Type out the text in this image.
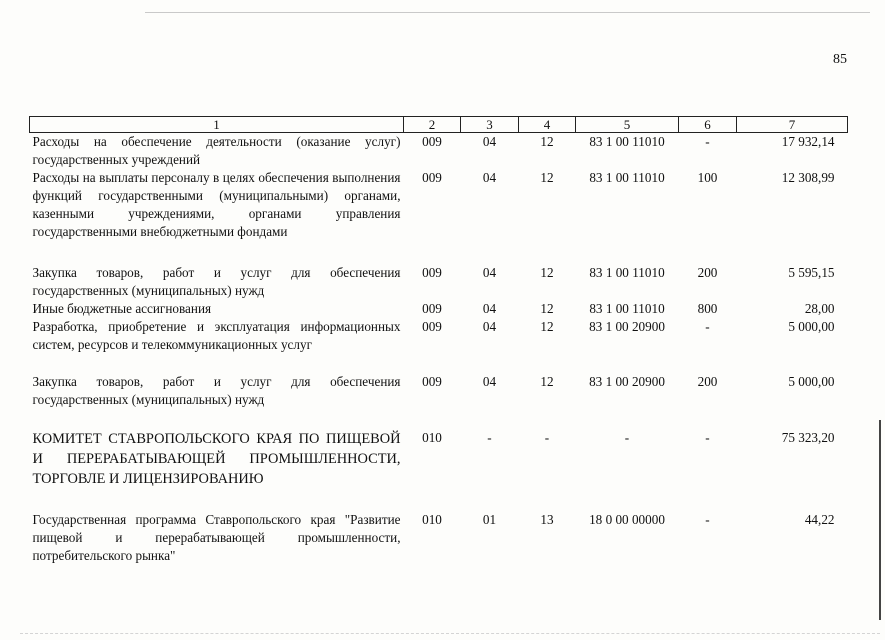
85
1	2	3	4	5	6	7
Расходы на обеспечение деятельности (оказание услуг) государственных учреждений	009	04	12	83 1 00 11010	-	17 932,14
Расходы на выплаты персоналу в целях обеспечения выполнения функций государственными (муниципальными) органами, казенными учреждениями, органами управления государственными внебюджетными фондами	009	04	12	83 1 00 11010	100	12 308,99
Закупка товаров, работ и услуг для обеспечения государственных (муниципальных) нужд	009	04	12	83 1 00 11010	200	5 595,15
Иные бюджетные ассигнования	009	04	12	83 1 00 11010	800	28,00
Разработка, приобретение и эксплуатация информационных систем, ресурсов и телекоммуникационных услуг	009	04	12	83 1 00 20900	-	5 000,00
Закупка товаров, работ и услуг для обеспечения государственных (муниципальных) нужд	009	04	12	83 1 00 20900	200	5 000,00
КОМИТЕТ СТАВРОПОЛЬСКОГО КРАЯ ПО ПИЩЕВОЙ И ПЕРЕРАБАТЫВАЮЩЕЙ ПРОМЫШЛЕННОСТИ, ТОРГОВЛЕ И ЛИЦЕНЗИРОВАНИЮ	010	-	-	-	-	75 323,20
Государственная программа Ставропольского края "Развитие пищевой и перерабатывающей промышленности, потребительского рынка"	010	01	13	18 0 00 00000	-	44,22
